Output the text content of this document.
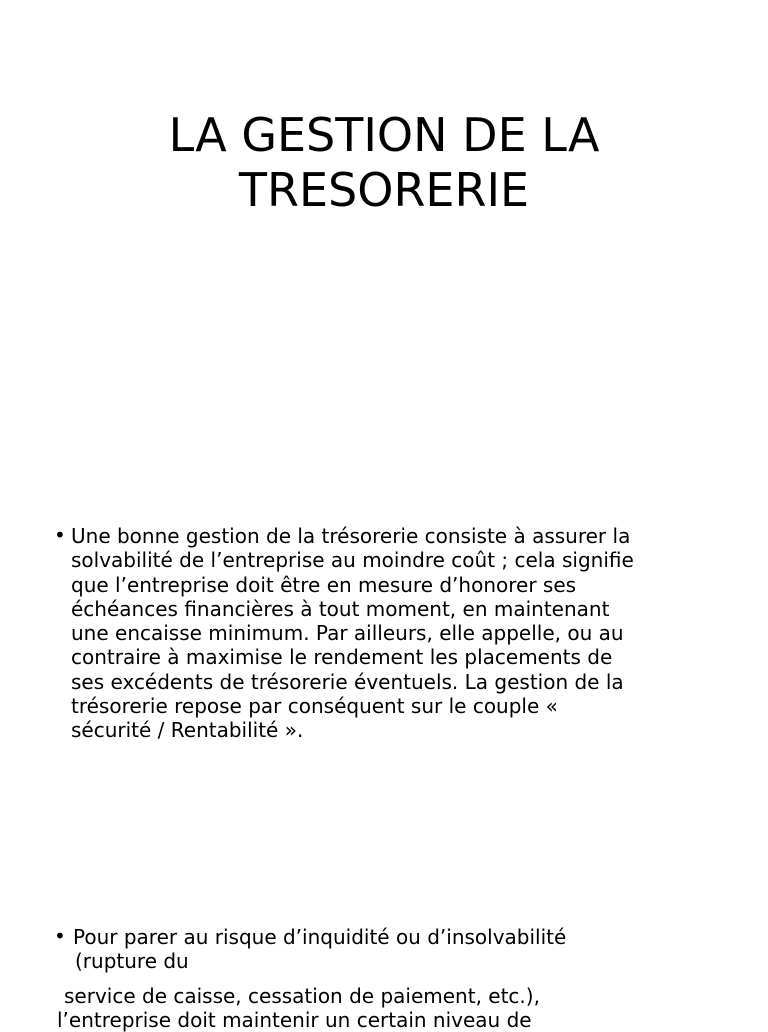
LA GESTION DE LA
TRESORERIE
• Une bonne gestion de la trésorerie consiste à assurer la
solvabilité de l’entreprise au moindre coût ; cela signifie
que l’entreprise doit être en mesure d’honorer ses
échéances financières à tout moment, en maintenant
une encaisse minimum. Par ailleurs, elle appelle, ou au
contraire à maximise le rendement les placements de
ses excédents de trésorerie éventuels. La gestion de la
trésorerie repose par conséquent sur le couple «
sécurité / Rentabilité ».
• Pour parer au risque d’inquidité ou d’insolvabilité
(rupture du
service de caisse, cessation de paiement, etc.),
l’entreprise doit maintenir un certain niveau de
